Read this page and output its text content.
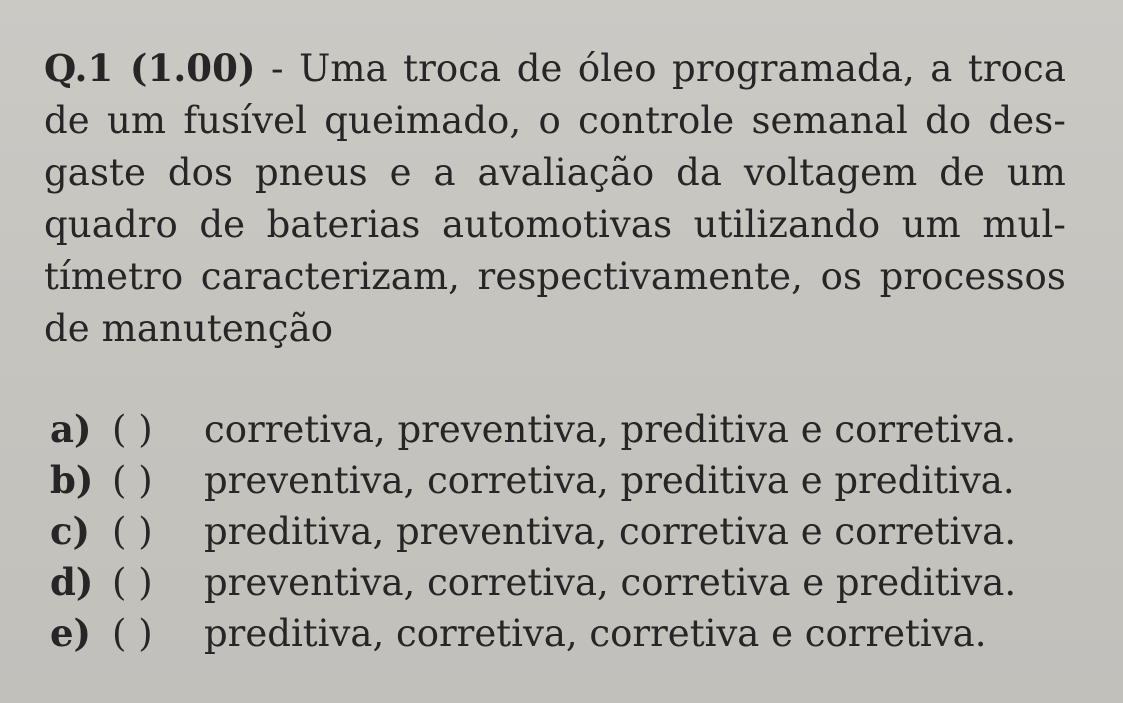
Q.1 (1.00) - Uma troca de óleo programada, a troca
de um fusível queimado, o controle semanal do des-
gaste dos pneus e a avaliação da voltagem de um
quadro de baterias automotivas utilizando um mul-
tímetro caracterizam, respectivamente, os processos
de manutenção
a) ( )	corretiva, preventiva, preditiva e corretiva.
b) ( )	preventiva, corretiva, preditiva e preditiva.
c) ( )	preditiva, preventiva, corretiva e corretiva.
d) ( )	preventiva, corretiva, corretiva e preditiva.
e) ( )	preditiva, corretiva, corretiva e corretiva.
